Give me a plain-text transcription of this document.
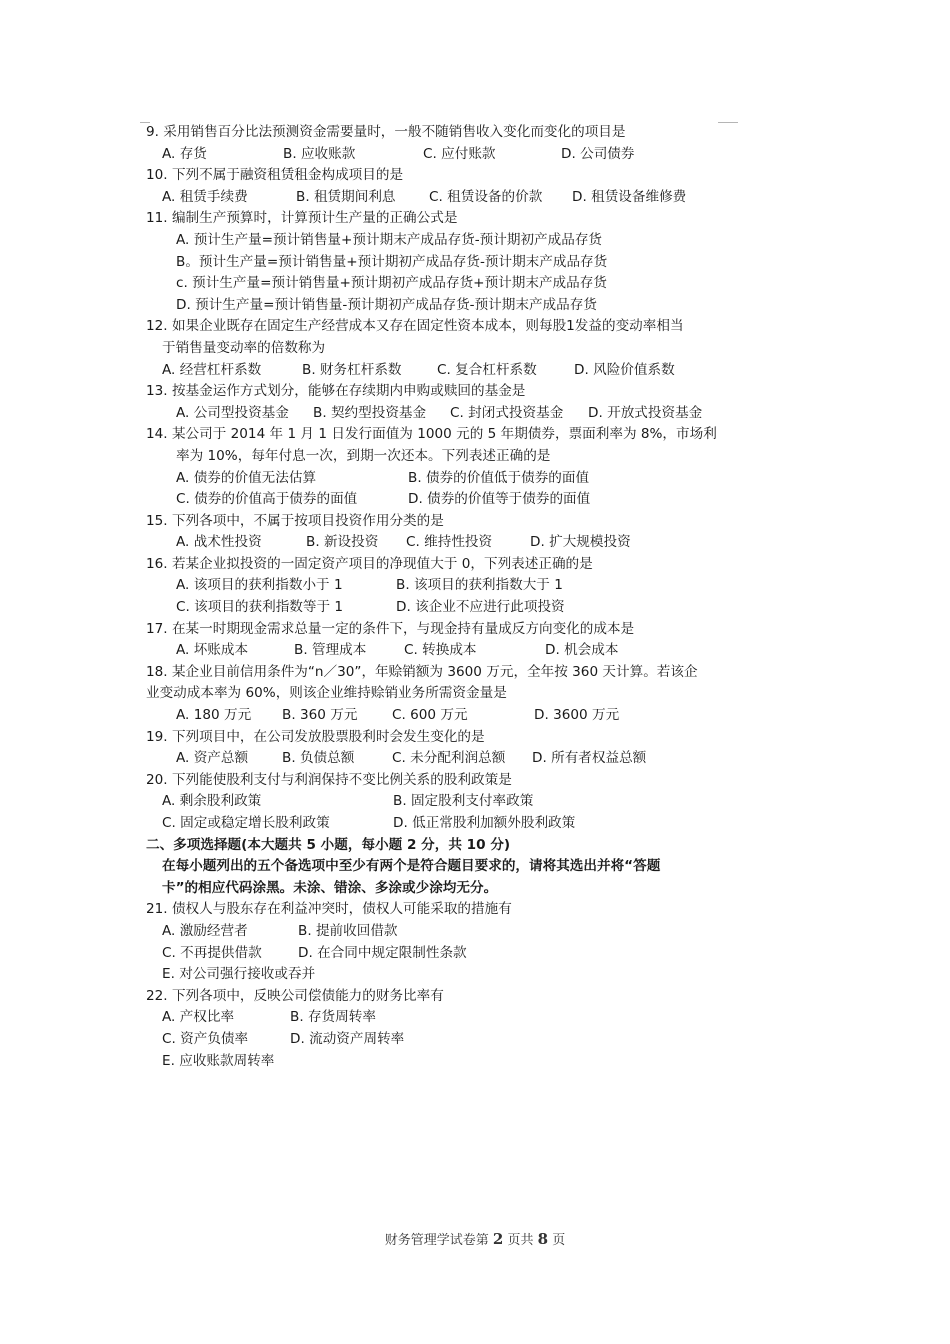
9. 采用销售百分比法预测资金需要量时，一般不随销售收入变化而变化的项目是
A. 存货	B. 应收账款	C. 应付账款	D. 公司债券
10. 下列不属于融资租赁租金构成项目的是
A. 租赁手续费	B. 租赁期间利息 C. 租赁设备的价款 D. 租赁设备维修费
11. 编制生产预算时，计算预计生产量的正确公式是
A. 预计生产量=预计销售量+预计期末产成品存货-预计期初产成品存货
B。预计生产量=预计销售量+预计期初产成品存货-预计期末产成品存货
c. 预计生产量=预计销售量+预计期初产成品存货+预计期末产成品存货
D. 预计生产量=预计销售量-预计期初产成品存货-预计期末产成品存货
12. 如果企业既存在固定生产经营成本又存在固定性资本成本，则每股1发益的变动率相当
于销售量变动率的倍数称为
A. 经营杠杆系数	B. 财务杠杆系数	C. 复合杠杆系数	D. 风险价值系数
13. 按基金运作方式划分，能够在存续期内申购或赎回的基金是
A. 公司型投资基金 B. 契约型投资基金 C. 封闭式投资基金 D. 开放式投资基金
14. 某公司于 2014 年 1 月 1 日发行面值为 1000 元的 5 年期债券，票面利率为 8%，市场利
率为 10%，每年付息一次，到期一次还本。下列表述正确的是
A. 债券的价值无法估算	B. 债券的价值低于债券的面值
C. 债券的价值高于债券的面值	D. 债券的价值等于债券的面值
15. 下列各项中，不属于按项目投资作用分类的是
A. 战术性投资	B. 新设投资 C. 维持性投资	D. 扩大规模投资
16. 若某企业拟投资的一固定资产项目的净现值大于 0，下列表述正确的是
A. 该项目的获利指数小于 1	B. 该项目的获利指数大于 1
C. 该项目的获利指数等于 1	D. 该企业不应进行此项投资
17. 在某一时期现金需求总量一定的条件下，与现金持有量成反方向变化的成本是
A. 坏账成本	B. 管理成本	C. 转换成本	D. 机会成本
18. 某企业目前信用条件为“n／30”，年赊销额为 3600 万元，全年按 360 天计算。若该企
业变动成本率为 60%，则该企业维持赊销业务所需资金量是
A. 180 万元 B. 360 万元	C. 600 万元	D. 3600 万元
19. 下列项目中，在公司发放股票股利时会发生变化的是
A. 资产总额 B. 负债总额	C. 未分配利润总额 D. 所有者权益总额
20. 下列能使股利支付与利润保持不变比例关系的股利政策是
A. 剩余股利政策	B. 固定股利支付率政策
C. 固定或稳定增长股利政策	D. 低正常股利加额外股利政策
二、多项选择题(本大题共 5 小题，每小题 2 分，共 10 分)
在每小题列出的五个备选项中至少有两个是符合题目要求的，请将其选出并将“答题
卡”的相应代码涂黑。未涂、错涂、多涂或少涂均无分。
21. 债权人与股东存在利益冲突时，债权人可能采取的措施有
A. 激励经营者	B. 提前收回借款
C. 不再提供借款	D. 在合同中规定限制性条款
E. 对公司强行接收或吞并
22. 下列各项中，反映公司偿债能力的财务比率有
A. 产权比率	B. 存货周转率
C. 资产负债率	D. 流动资产周转率
E. 应收账款周转率
财务管理学试卷第 2 页共 8 页
